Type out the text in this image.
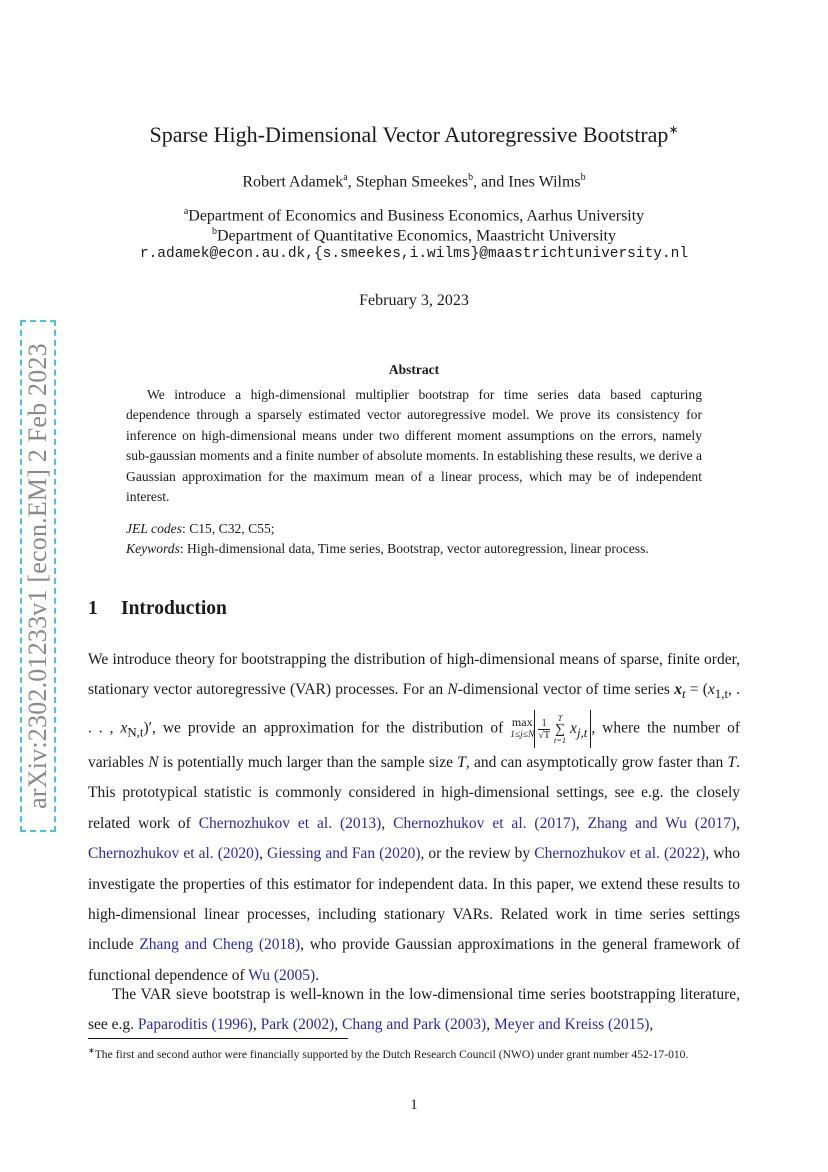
arXiv:2302.01233v1 [econ.EM] 2 Feb 2023
Sparse High-Dimensional Vector Autoregressive Bootstrap∗
Robert Adamek$^a$, Stephan Smeekes$^b$, and Ines Wilms$^b$
$^a$Department of Economics and Business Economics, Aarhus University
$^b$Department of Quantitative Economics, Maastricht University
r.adamek@econ.au.dk,{s.smeekes,i.wilms}@maastrichtuniversity.nl
February 3, 2023
Abstract
We introduce a high-dimensional multiplier bootstrap for time series data based capturing dependence through a sparsely estimated vector autoregressive model. We prove its consistency for inference on high-dimensional means under two different moment assumptions on the errors, namely sub-gaussian moments and a finite number of absolute moments. In establishing these results, we derive a Gaussian approximation for the maximum mean of a linear process, which may be of independent interest.
JEL codes: C15, C32, C55;
Keywords: High-dimensional data, Time series, Bootstrap, vector autoregression, linear process.
1 Introduction
We introduce theory for bootstrapping the distribution of high-dimensional means of sparse, finite order, stationary vector autoregressive (VAR) processes. For an N-dimensional vector of time series $x_t = (x_{1,t}$, . . . , $x_{N,t})'$, we provide an approximation for the distribution of max
$1\le j\le N \frac{1}{√T}$
T
∑
t=1
$x_{j,t}$ , where the number of variables N is potentially much larger than the sample size T, and can asymptotically grow faster than T. This prototypical statistic is commonly considered in high-dimensional settings, see e.g. the closely related work of Chernozhukov et al. (2013), Chernozhukov et al. (2017), Zhang and Wu (2017), Chernozhukov et al. (2020), Giessing and Fan (2020), or the review by Chernozhukov et al. (2022), who investigate the properties of this estimator for independent data. In this paper, we extend these results to high-dimensional linear processes, including stationary VARs. Related work in time series settings include Zhang and Cheng (2018), who provide Gaussian approximations in the general framework of functional dependence of Wu (2005).
The VAR sieve bootstrap is well-known in the low-dimensional time series bootstrapping literature, see e.g. Paparoditis (1996), Park (2002), Chang and Park (2003), Meyer and Kreiss (2015),
∗The first and second author were financially supported by the Dutch Research Council (NWO) under grant number 452-17-010.
1
